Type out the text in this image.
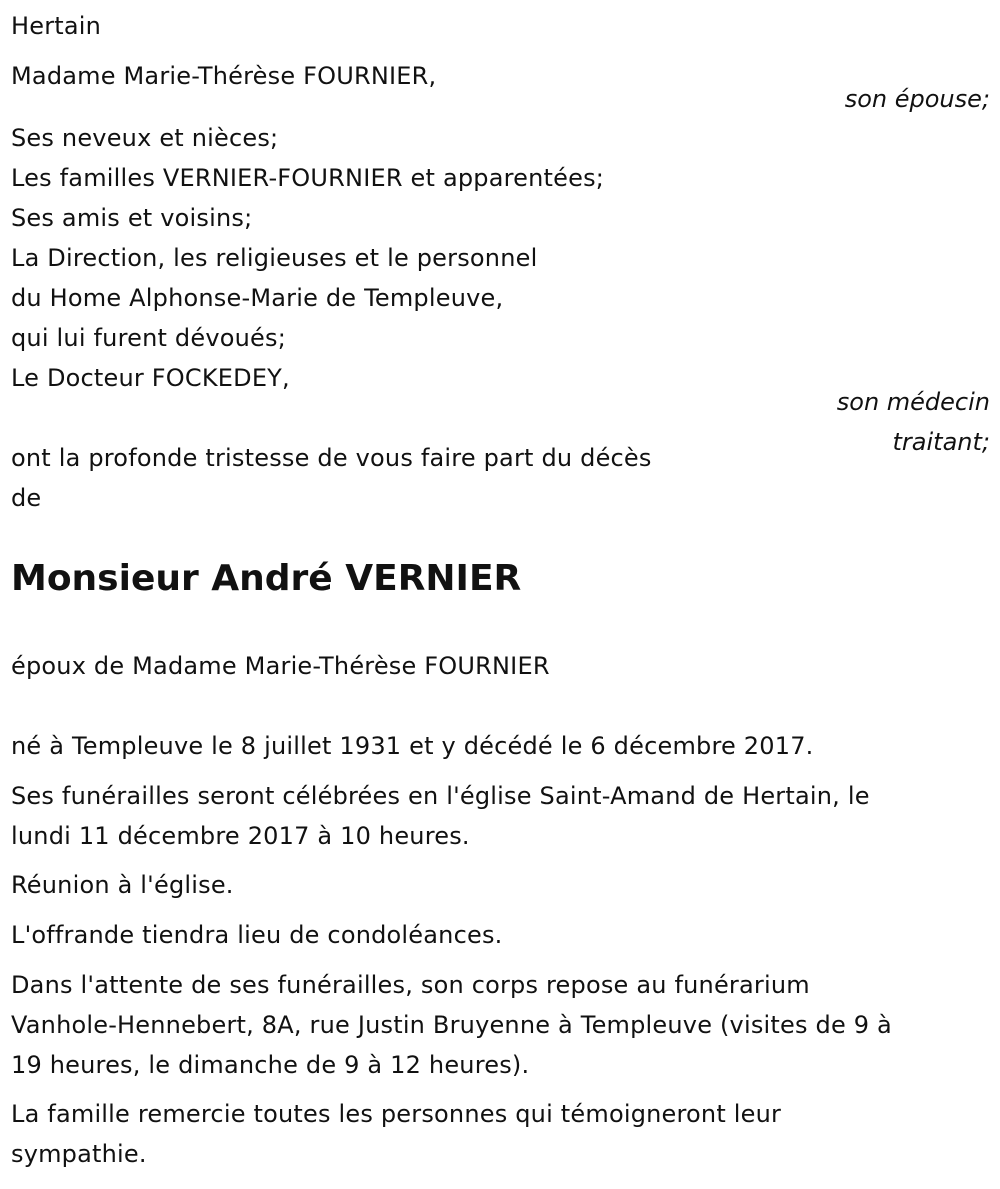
Hertain
Madame Marie-Thérèse FOURNIER,
son épouse;
Ses neveux et nièces;
Les familles VERNIER-FOURNIER et apparentées;
Ses amis et voisins;
La Direction, les religieuses et le personnel
du Home Alphonse-Marie de Templeuve,
qui lui furent dévoués;
Le Docteur FOCKEDEY,
son médecin
traitant;
ont la profonde tristesse de vous faire part du décès
de
Monsieur André VERNIER
époux de Madame Marie-Thérèse FOURNIER
né à Templeuve le 8 juillet 1931 et y décédé le 6 décembre 2017.
Ses funérailles seront célébrées en l'église Saint-Amand de Hertain, le
lundi 11 décembre 2017 à 10 heures.
Réunion à l'église.
L'offrande tiendra lieu de condoléances.
Dans l'attente de ses funérailles, son corps repose au funérarium
Vanhole-Hennebert, 8A, rue Justin Bruyenne à Templeuve (visites de 9 à
19 heures, le dimanche de 9 à 12 heures).
La famille remercie toutes les personnes qui témoigneront leur
sympathie.
